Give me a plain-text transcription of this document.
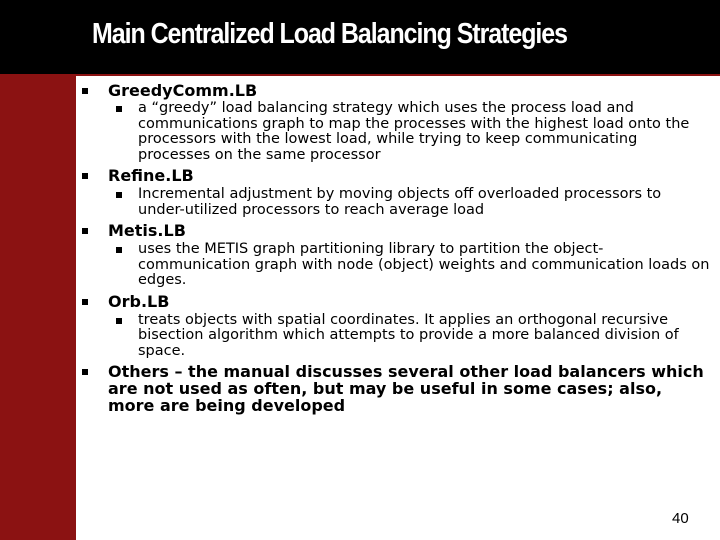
Main Centralized Load Balancing Strategies
GreedyComm.LB
a “greedy” load balancing strategy which uses the process load and communications graph to map the processes with the highest load onto the processors with the lowest load, while trying to keep communicating processes on the same processor
Refine.LB
Incremental adjustment by moving objects off overloaded processors to under-utilized processors to reach average load
Metis.LB
uses the METIS graph partitioning library to partition the object-communication graph with node (object) weights and communication loads on edges.
Orb.LB
treats objects with spatial coordinates. It applies an orthogonal recursive bisection algorithm which attempts to provide a more balanced division of space.
Others – the manual discusses several other load balancers which are not used as often, but may be useful in some cases; also, more are being developed
40
